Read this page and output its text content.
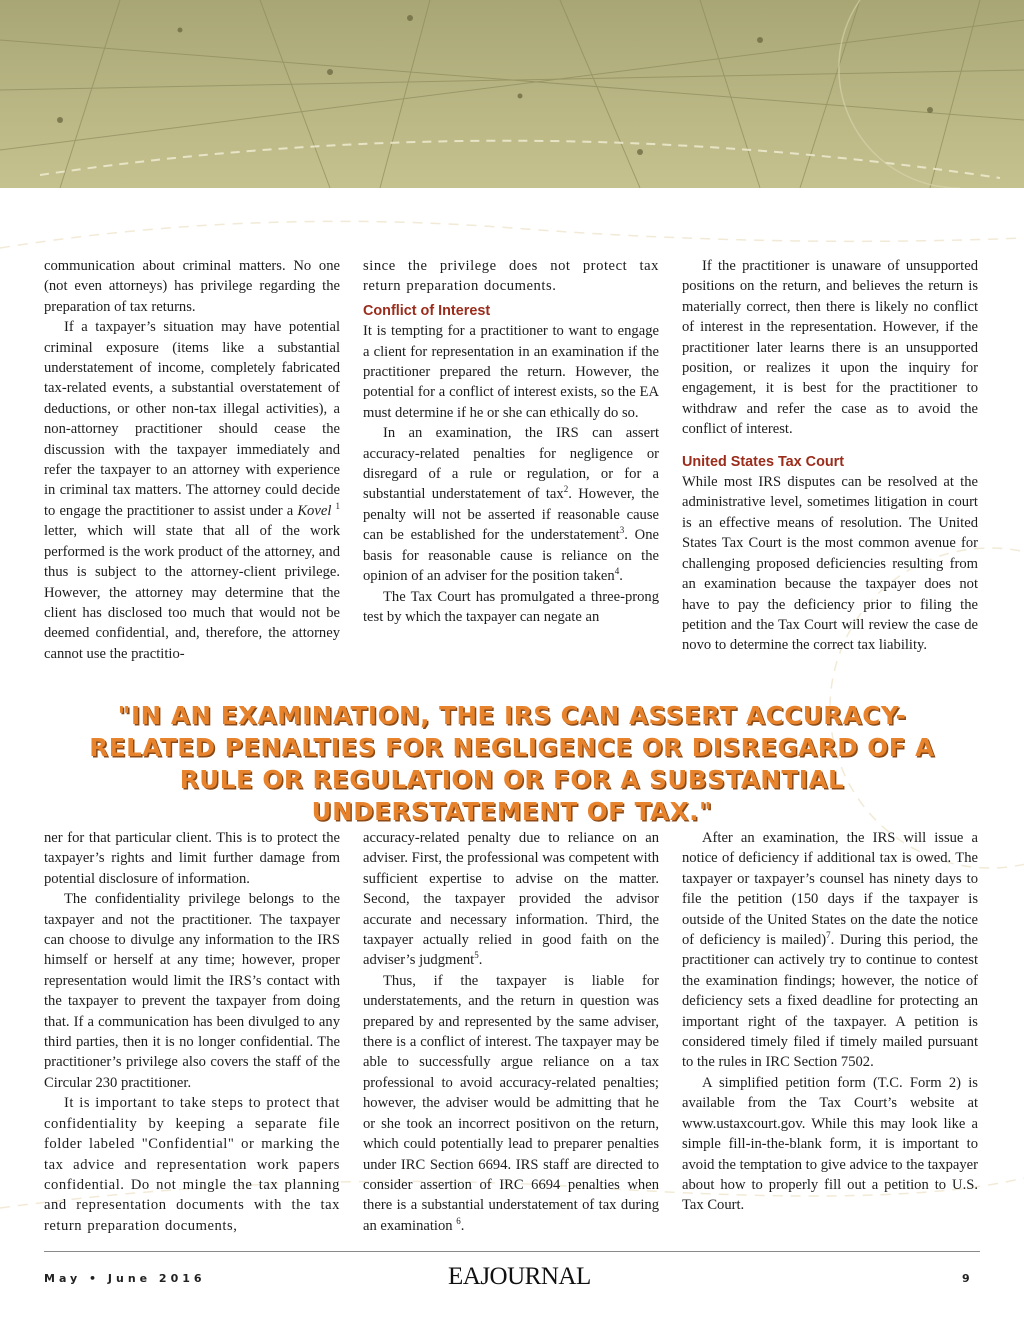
communication about criminal matters. No one (not even attorneys) has privilege regarding the preparation of tax returns.

If a taxpayer’s situation may have potential criminal exposure (items like a substantial understatement of income, completely fabricated tax-related events, a substantial overstatement of deductions, or other non-tax illegal activities), a non-attorney practitioner should cease the discussion with the taxpayer immediately and refer the taxpayer to an attorney with experience in criminal tax matters. The attorney could decide to engage the practitioner to assist under a Kovel $^1$ letter, which will state that all of the work performed is the work product of the attorney, and thus is subject to the attorney-client privilege. However, the attorney may determine that the client has disclosed too much that would not be deemed confidential, and, therefore, the attorney cannot use the practitio-

since the privilege does not protect tax return preparation documents.

Conflict of Interest

It is tempting for a practitioner to want to engage a client for representation in an examination if the practitioner prepared the return. However, the potential for a conflict of interest exists, so the EA must determine if he or she can ethically do so.

In an examination, the IRS can assert accuracy-related penalties for negligence or disregard of a rule or regulation, or for a substantial understatement of tax$^2$. However, the penalty will not be asserted if reasonable cause can be established for the understatement$^3$. One basis for reasonable cause is reliance on the opinion of an adviser for the position taken$^4$.

The Tax Court has promulgated a three-prong test by which the taxpayer can negate an

If the practitioner is unaware of unsupported positions on the return, and believes the return is materially correct, then there is likely no conflict of interest in the representation. However, if the practitioner later learns there is an unsupported position, or realizes it upon the inquiry for engagement, it is best for the practitioner to withdraw and refer the case as to avoid the conflict of interest.

United States Tax Court

While most IRS disputes can be resolved at the administrative level, sometimes litigation in court is an effective means of resolution. The United States Tax Court is the most common avenue for challenging proposed deficiencies resulting from an examination because the taxpayer does not have to pay the deficiency prior to filing the petition and the Tax Court will review the case de novo to determine the correct tax liability.

"IN AN EXAMINATION, THE IRS CAN ASSERT ACCURACY-RELATED PENALTIES FOR NEGLIGENCE OR DISREGARD OF A RULE OR REGULATION OR FOR A SUBSTANTIAL UNDERSTATEMENT OF TAX."

ner for that particular client. This is to protect the taxpayer’s rights and limit further damage from potential disclosure of information.

The confidentiality privilege belongs to the taxpayer and not the practitioner. The taxpayer can choose to divulge any information to the IRS himself or herself at any time; however, proper representation would limit the IRS’s contact with the taxpayer to prevent the taxpayer from doing that. If a communication has been divulged to any third parties, then it is no longer confidential. The practitioner’s privilege also covers the staff of the Circular 230 practitioner.

It is important to take steps to protect that confidentiality by keeping a separate file folder labeled "Confidential" or marking the tax advice and representation work papers confidential. Do not mingle the tax planning and representation documents with the tax return preparation documents,

accuracy-related penalty due to reliance on an adviser. First, the professional was competent with sufficient expertise to advise on the matter. Second, the taxpayer provided the advisor accurate and necessary information. Third, the taxpayer actually relied in good faith on the adviser’s judgment$^5$.

Thus, if the taxpayer is liable for understatements, and the return in question was prepared by and represented by the same adviser, there is a conflict of interest. The taxpayer may be able to successfully argue reliance on a tax professional to avoid accuracy-related penalties; however, the adviser would be admitting that he or she took an incorrect positivon on the return, which could potentially lead to preparer penalties under IRC Section 6694. IRS staff are directed to consider assertion of IRC 6694 penalties when there is a substantial understatement of tax during an examination $^6$.

After an examination, the IRS will issue a notice of deficiency if additional tax is owed. The taxpayer or taxpayer’s counsel has ninety days to file the petition (150 days if the taxpayer is outside of the United States on the date the notice of deficiency is mailed)$^7$. During this period, the practitioner can actively try to continue to contest the examination findings; however, the notice of deficiency sets a fixed deadline for protecting an important right of the taxpayer. A petition is considered timely filed if timely mailed pursuant to the rules in IRC Section 7502.

A simplified petition form (T.C. Form 2) is available from the Tax Court’s website at www.ustaxcourt.gov. While this may look like a simple fill-in-the-blank form, it is important to avoid the temptation to give advice to the taxpayer about how to properly fill out a petition to U.S. Tax Court.

May • June 2016	EAJOURNAL	9
